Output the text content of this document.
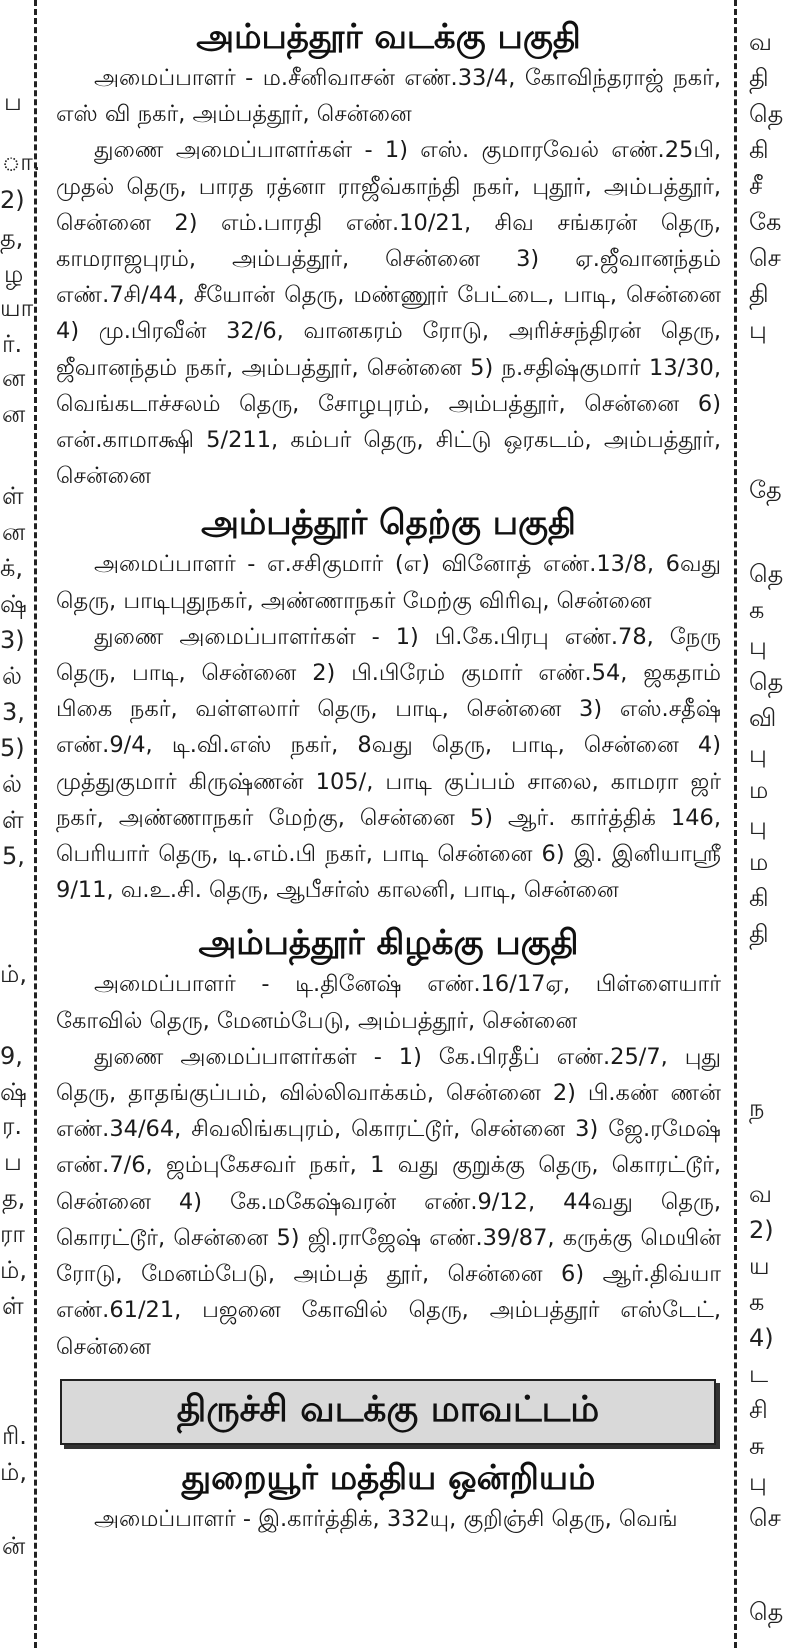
ப
ா.
2)
த,
ழ
யா
ர்.
ன
ன
ள்
ன
க்,
ஷ்
3)
ல்
3,
5)
ல்
ள்
5,
ம்,
9,
ஷ்
ர.
ப
த,
ரா
ம்,
ள்
ரி.
ம்,
ன்
வ
தி
தெ
கி
சீ
கே
செ
தி
பு
தே
தெ
க
பு
தெ
வி
பு
ம
பு
ம
கி
தி
ந
வ
2)
ய
க
4)
ட
சி
சு
பு
செ
தெ
அம்பத்தூர் வடக்கு பகுதி

அமைப்பாளர் - ம.சீனிவாசன் எண்.33/4, கோவிந்தராஜ் நகர், எஸ் வி நகர், அம்பத்தூர், சென்னை

துணை அமைப்பாளர்கள் - 1) எஸ். குமாரவேல் எண்.25பி, முதல் தெரு, பாரத ரத்னா ராஜீவ்காந்தி நகர், புதூர், அம்பத்தூர், சென்னை 2) எம்.பாரதி எண்.10/21, சிவ சங்கரன் தெரு, காமராஜபுரம், அம்பத்தூர், சென்னை 3) ஏ.ஜீவானந்தம் எண்.7சி/44, சீயோன் தெரு, மண்ணூர் பேட்டை, பாடி, சென்னை 4) மு.பிரவீன் 32/6, வானகரம் ரோடு, அரிச்சந்திரன் தெரு, ஜீவானந்தம் நகர், அம்பத்தூர், சென்னை 5) ந.சதிஷ்குமார் 13/30, வெங்கடாச்சலம் தெரு, சோழபுரம், அம்பத்தூர், சென்னை 6) என்.காமாக்ஷி 5/211, கம்பர் தெரு, சிட்டு ஒரகடம், அம்பத்தூர், சென்னை

அம்பத்தூர் தெற்கு பகுதி

அமைப்பாளர் - எ.சசிகுமார் (எ) வினோத் எண்.13/8, 6வது தெரு, பாடிபுதுநகர், அண்ணாநகர் மேற்கு விரிவு, சென்னை

துணை அமைப்பாளர்கள் - 1) பி.கே.பிரபு எண்.78, நேரு தெரு, பாடி, சென்னை 2) பி.பிரேம் குமார் எண்.54, ஜகதாம் பிகை நகர், வள்ளலார் தெரு, பாடி, சென்னை 3) எஸ்.சதீஷ் எண்.9/4, டி.வி.எஸ் நகர், 8வது தெரு, பாடி, சென்னை 4) முத்துகுமார் கிருஷ்ணன் 105/, பாடி குப்பம் சாலை, காமரா ஜர் நகர், அண்ணாநகர் மேற்கு, சென்னை 5) ஆர். கார்த்திக் 146, பெரியார் தெரு, டி.எம்.பி நகர், பாடி சென்னை 6) இ. இனியாஸ்ரீ 9/11, வ.உ.சி. தெரு, ஆபீசர்ஸ் காலனி, பாடி, சென்னை

அம்பத்தூர் கிழக்கு பகுதி

அமைப்பாளர் - டி.தினேஷ் எண்.16/17ஏ, பிள்ளையார் கோவில் தெரு, மேனம்பேடு, அம்பத்தூர், சென்னை

துணை அமைப்பாளர்கள் - 1) கே.பிரதீப் எண்.25/7, புது தெரு, தாதங்குப்பம், வில்லிவாக்கம், சென்னை 2) பி.கண் ணன் எண்.34/64, சிவலிங்கபுரம், கொரட்டூர், சென்னை 3) ஜே.ரமேஷ் எண்.7/6, ஜம்புகேசவர் நகர், 1 வது குறுக்கு தெரு, கொரட்டூர், சென்னை 4) கே.மகேஷ்வரன் எண்.9/12, 44வது தெரு, கொரட்டூர், சென்னை 5) ஜி.ராஜேஷ் எண்.39/87, கருக்கு மெயின் ரோடு, மேனம்பேடு, அம்பத் தூர், சென்னை 6) ஆர்.திவ்யா எண்.61/21, பஜனை கோவில் தெரு, அம்பத்தூர் எஸ்டேட், சென்னை

திருச்சி வடக்கு மாவட்டம்
துறையூர் மத்திய ஒன்றியம்

அமைப்பாளர் - இ.கார்த்திக், 332யு, குறிஞ்சி தெரு, வெங்
